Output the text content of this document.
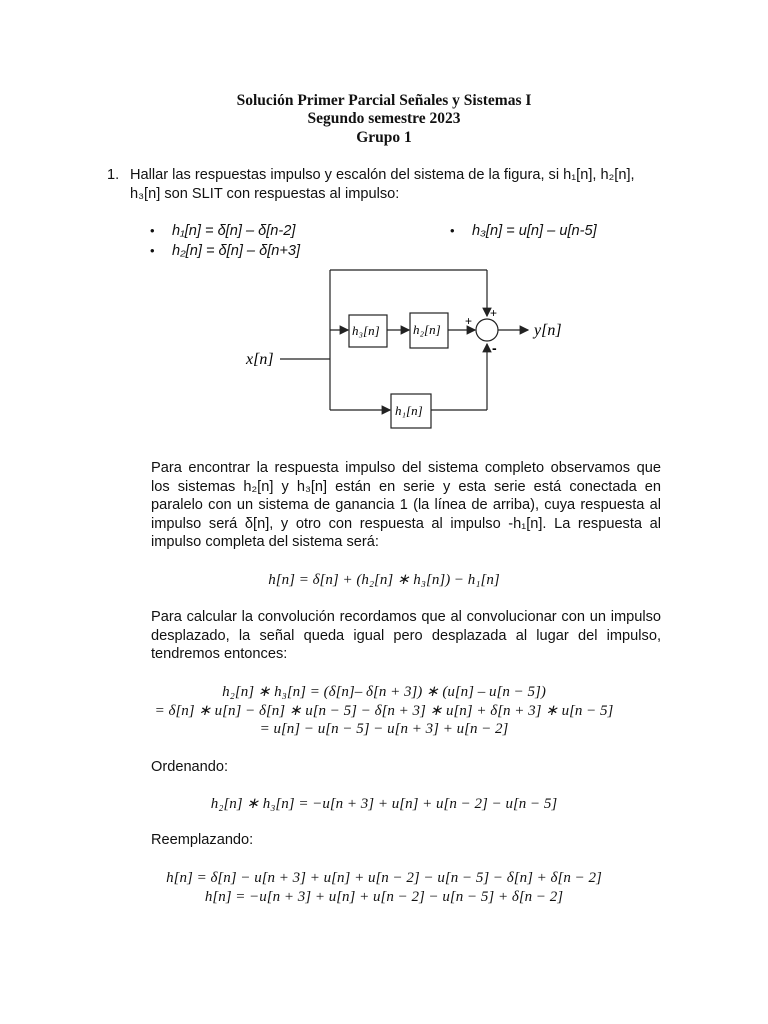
Solución Primer Parcial Señales y Sistemas I
Segundo semestre 2023
Grupo 1
1. Hallar las respuestas impulso y escalón del sistema de la figura, si h₁[n], h₂[n],
h₃[n] son SLIT con respuestas al impulso:
• h₁[n] = δ[n] – δ[n-2]
• h₂[n] = δ[n] – δ[n+3]
• h₃[n] = u[n] – u[n-5]
x[n]
y[n]
h₃[n]	h₂[n]
h₁[n]
+
+
-

Para encontrar la respuesta impulso del sistema completo observamos que los sistemas h₂[n] y h₃[n] están en serie y esta serie está conectada en paralelo con un sistema de ganancia 1 (la línea de arriba), cuya respuesta al impulso será δ[n], y otro con respuesta al impulso -h₁[n]. La respuesta al impulso completa del sistema será:

h[n] = δ[n] + (h₂[n] ∗ h₃[n]) − h₁[n]

Para calcular la convolución recordamos que al convolucionar con un impulso desplazado, la señal queda igual pero desplazada al lugar del impulso, tendremos entonces:

h₂[n] ∗ h₃[n] = (δ[n]– δ[n + 3]) ∗ (u[n] – u[n − 5])
= δ[n] ∗ u[n] − δ[n] ∗ u[n − 5] − δ[n + 3] ∗ u[n] + δ[n + 3] ∗ u[n − 5]
= u[n] − u[n − 5] − u[n + 3] + u[n − 2]
Ordenando:
h₂[n] ∗ h₃[n] = −u[n + 3] + u[n] + u[n − 2] − u[n − 5]
Reemplazando:
h[n] = δ[n] − u[n + 3] + u[n] + u[n − 2] − u[n − 5] − δ[n] + δ[n − 2]
h[n] = −u[n + 3] + u[n] + u[n − 2] − u[n − 5] + δ[n − 2]
